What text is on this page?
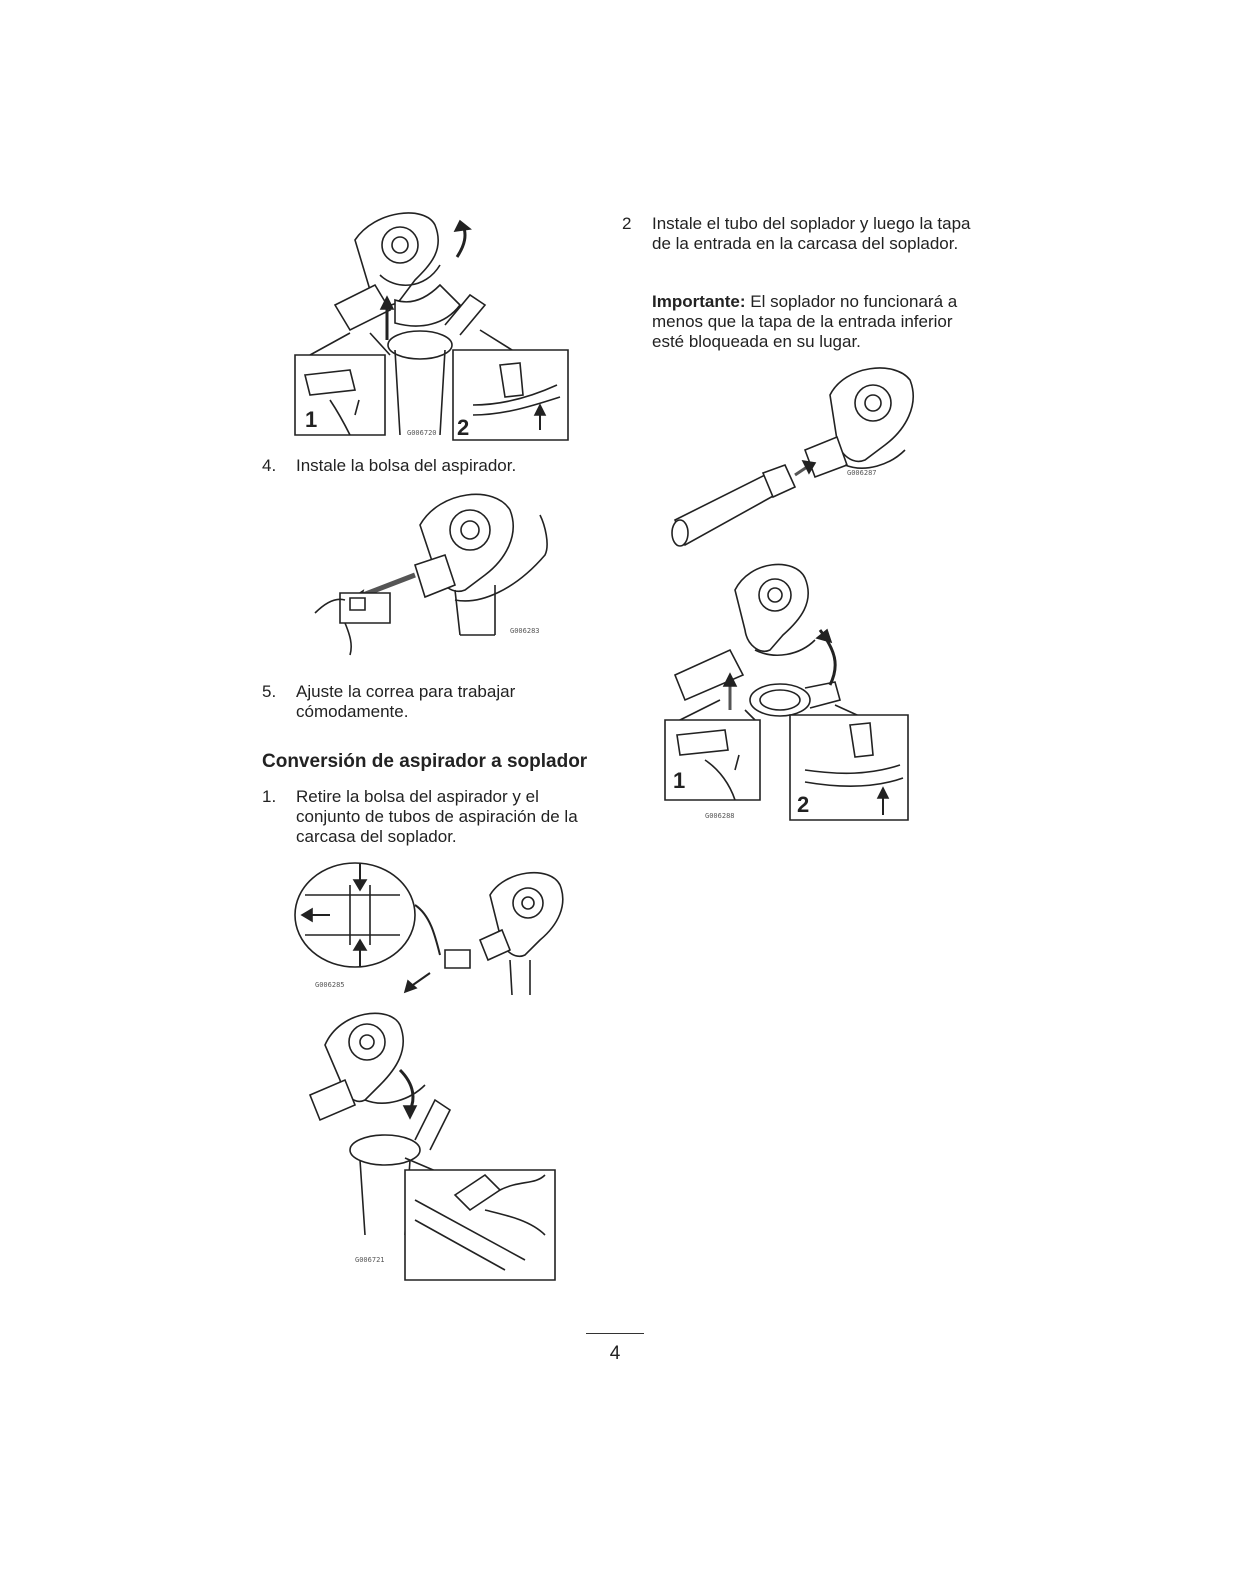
1	2
G006720
4. Instale la bolsa del aspirador.
G006283
5. Ajuste la correa para trabajar cómodamente.
Conversión de aspirador a soplador
1. Retire la bolsa del aspirador y el conjunto de tubos de aspiración de la carcasa del soplador.
G006285
G006721
2 Instale el tubo del soplador y luego la tapa de la entrada en la carcasa del soplador.
Importante: El soplador no funcionará a menos que la tapa de la entrada inferior esté bloqueada en su lugar.
G006287
1
2
G006288
4
